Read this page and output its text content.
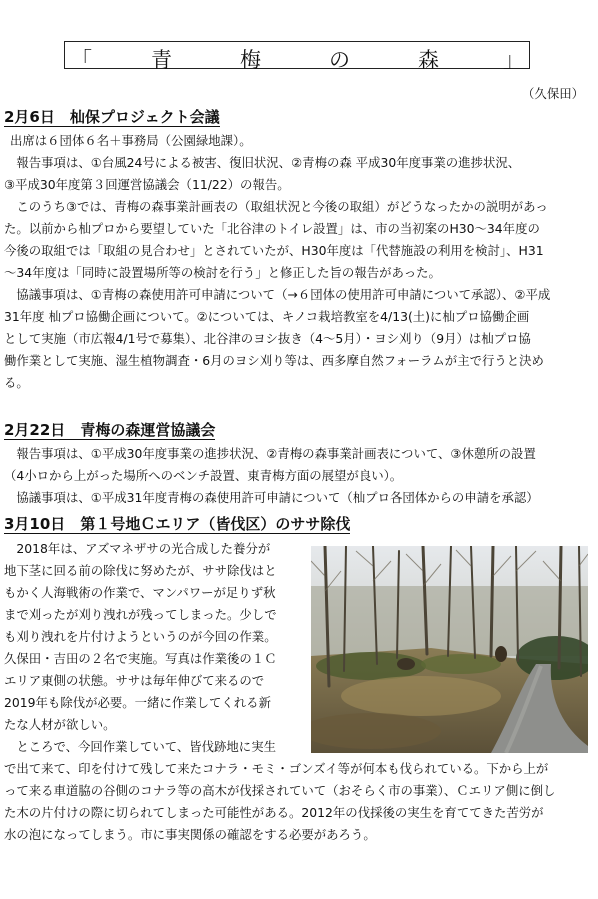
「	青	梅	の	森	」
（久保田）
2月6日　 杣保プロジェクト会議
出席は６団体６名＋事務局（公園緑地課）。
　報告事項は、①台風24号による被害、復旧状況、②青梅の森 平成30年度事業の進捗状況、
③平成30年度第３回運営協議会（11/22）の報告。
　このうち③では、青梅の森事業計画表の（取組状況と今後の取組）がどうなったかの説明があっ
た。以前から杣プロから要望していた「北谷津のトイレ設置」は、市の当初案のH30〜34年度の
今後の取組では「取組の見合わせ」とされていたが、H30年度は「代替施設の利用を検討」、H31
〜34年度は「同時に設置場所等の検討を行う」と修正した旨の報告があった。
　協議事項は、①青梅の森使用許可申請について（→６団体の使用許可申請について承認）、②平成
31年度 杣プロ協働企画について。②については、キノコ栽培教室を4/13(土)に杣プロ協働企画
として実施（市広報4/1号で募集）、北谷津のヨシ抜き（4〜5月）・ヨシ刈り（9月）は杣プロ協
働作業として実施、湿生植物調査・6月のヨシ刈り等は、西多摩自然フォーラムが主で行うと決め
る。
2月22日　 青梅の森運営協議会
　報告事項は、①平成30年度事業の進捗状況、②青梅の森事業計画表について、③休憩所の設置
（4小ロから上がった場所へのベンチ設置、東青梅方面の展望が良い）。
　協議事項は、①平成31年度青梅の森使用許可申請について（杣プロ各団体からの申請を承認）
3月10日　 第１号地Ｃエリア（皆伐区）のササ除伐
　2018年は、アズマネザサの光合成した養分が
地下茎に回る前の除伐に努めたが、ササ除伐はと
もかく人海戦術の作業で、マンパワーが足りず秋
まで刈ったが刈り洩れが残ってしまった。少しで
も刈り洩れを片付けようというのが今回の作業。
久保田・吉田の２名で実施。写真は作業後の１Ｃ
エリア東側の状態。ササは毎年伸びて来るので
2019年も除伐が必要。一緒に作業してくれる新
たな人材が欲しい。
　ところで、今回作業していて、皆伐跡地に実生
で出て来て、印を付けて残して来たコナラ・モミ・ゴンズイ等が何本も伐られている。下から上が
って来る車道脇の谷側のコナラ等の高木が伐採されていて（おそらく市の事業）、Ｃエリア側に倒し
た木の片付けの際に切られてしまった可能性がある。2012年の伐採後の実生を育ててきた苦労が
水の泡になってしまう。市に事実関係の確認をする必要があろう。
